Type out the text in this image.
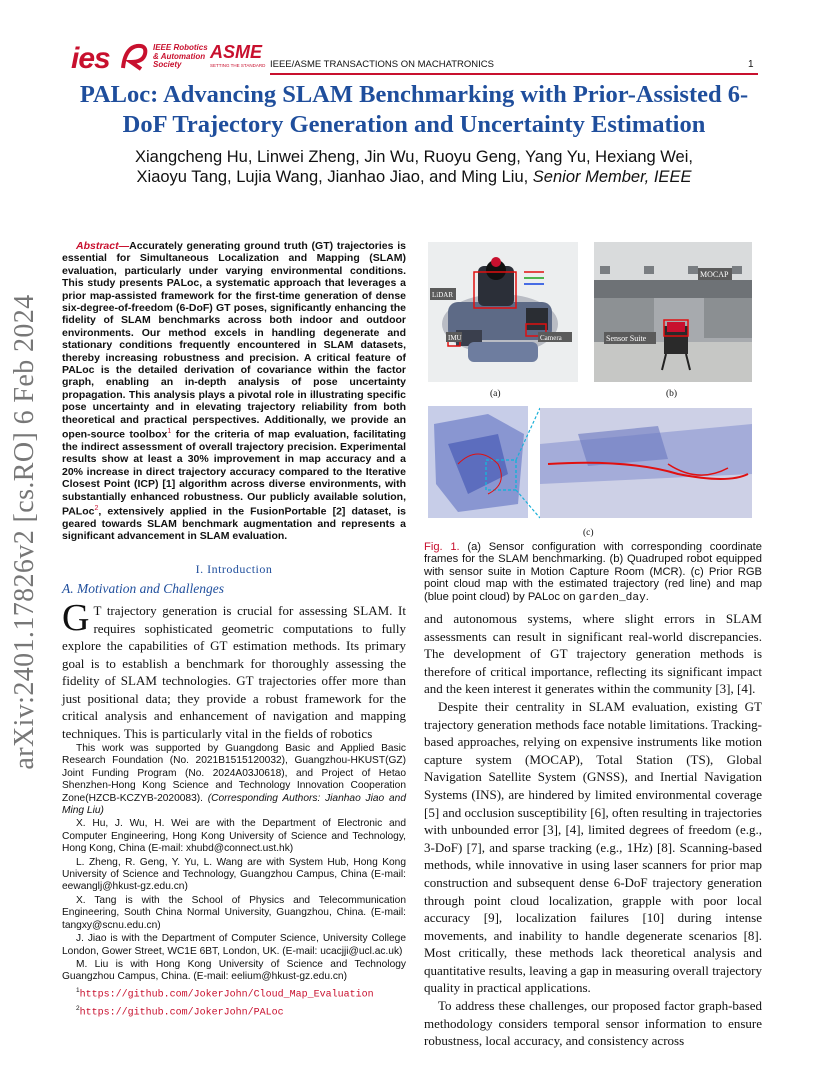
ies	IEEE Robotics & Automation Society
ASME
SETTING THE STANDARD IEEE/ASME TRANSACTIONS ON MACHATRONICS	1
PALoc: Advancing SLAM Benchmarking with Prior-Assisted 6-DoF Trajectory Generation and Uncertainty Estimation
Xiangcheng Hu, Linwei Zheng, Jin Wu, Ruoyu Geng, Yang Yu, Hexiang Wei,
Xiaoyu Tang, Lujia Wang, Jianhao Jiao, and Ming Liu, Senior Member, IEEE
arXiv:2401.17826v2 [cs.RO] 6 Feb 2024
Abstract—Accurately generating ground truth (GT) trajectories is essential for Simultaneous Localization and Mapping (SLAM) evaluation, particularly under varying environmental conditions. This study presents PALoc, a systematic approach that leverages a prior map-assisted framework for the first-time generation of dense six-degree-of-freedom (6-DoF) GT poses, significantly enhancing the fidelity of SLAM benchmarks across both indoor and outdoor environments. Our method excels in handling degenerate and stationary conditions frequently encountered in SLAM datasets, thereby increasing robustness and precision. A critical feature of PALoc is the detailed derivation of covariance within the factor graph, enabling an in-depth analysis of pose uncertainty propagation. This analysis plays a pivotal role in illustrating specific pose uncertainty and in elevating trajectory reliability from both theoretical and practical perspectives. Additionally, we provide an open-source toolbox$^1$ for the criteria of map evaluation, facilitating the indirect assessment of overall trajectory precision. Experimental results show at least a 30% improvement in map accuracy and a 20% increase in direct trajectory accuracy compared to the Iterative Closest Point (ICP) [1] algorithm across diverse environments, with substantially enhanced robustness. Our publicly available solution, PALoc$^2$, extensively applied in the FusionPortable [2] dataset, is geared towards SLAM benchmark augmentation and represents a significant advancement in SLAM evaluation.
I. Introduction
A. Motivation and Challenges
G T trajectory generation is crucial for assessing SLAM. It requires sophisticated geometric computations to fully explore the capabilities of GT estimation methods. Its primary goal is to establish a benchmark for thoroughly assessing the fidelity of SLAM technologies. GT trajectories offer more than just positional data; they provide a robust framework for the critical analysis and enhancement of navigation and mapping techniques. This is particularly vital in the fields of robotics

This work was supported by Guangdong Basic and Applied Basic Research Foundation (No. 2021B1515120032), Guangzhou-HKUST(GZ) Joint Funding Program (No. 2024A03J0618), and Project of Hetao Shenzhen-Hong Kong Science and Technology Innovation Cooperation Zone(HZCB-KCZYB-2020083). (Corresponding Authors: Jianhao Jiao and Ming Liu)

X. Hu, J. Wu, H. Wei are with the Department of Electronic and Computer Engineering, Hong Kong University of Science and Technology, Hong Kong, China (E-mail: xhubd@connect.ust.hk)

L. Zheng, R. Geng, Y. Yu, L. Wang are with System Hub, Hong Kong University of Science and Technology, Guangzhou Campus, China (E-mail: eewanglj@hkust-gz.edu.cn)

X. Tang is with the School of Physics and Telecommunication Engineering, South China Normal University, Guangzhou, China. (E-mail: tangxy@scnu.edu.cn)

J. Jiao is with the Department of Computer Science, University College London, Gower Street, WC1E 6BT, London, UK. (E-mail: ucacjji@ucl.ac.uk)

M. Liu is with Hong Kong University of Science and Technology Guangzhou Campus, China. (E-mail: eelium@hkust-gz.edu.cn)

$^1$https://github.com/JokerJohn/Cloud_Map_Evaluation

$^2$https://github.com/JokerJohn/PALoc

LiDAR
IMU	Camera
MOCAP
Sensor Suite
(a)	(b)
(c)
Fig. 1. (a) Sensor configuration with corresponding coordinate frames for the SLAM benchmarking. (b) Quadruped robot equipped with sensor suite in Motion Capture Room (MCR). (c) Prior RGB point cloud map with the estimated trajectory (red line) and map (blue point cloud) by PALoc on garden_day.

and autonomous systems, where slight errors in SLAM assessments can result in significant real-world discrepancies. The development of GT trajectory generation methods is therefore of critical importance, reflecting its significant impact and the keen interest it generates within the community [3], [4].

Despite their centrality in SLAM evaluation, existing GT trajectory generation methods face notable limitations. Tracking-based approaches, relying on expensive instruments like motion capture system (MOCAP), Total Station (TS), Global Navigation Satellite System (GNSS), and Inertial Navigation Systems (INS), are hindered by limited environmental coverage [5] and occlusion susceptibility [6], often resulting in trajectories with unbounded error [3], [4], limited degrees of freedom (e.g., 3-DoF) [7], and sparse tracking (e.g., 1Hz) [8]. Scanning-based methods, while innovative in using laser scanners for prior map construction and subsequent dense 6-DoF trajectory generation through point cloud localization, grapple with poor local accuracy [9], localization failures [10] during intense movements, and inability to handle degenerate scenarios [8]. Most critically, these methods lack theoretical analysis and quantitative results, leaving a gap in measuring overall trajectory quality in practical applications.

To address these challenges, our proposed factor graph-based methodology considers temporal sensor information to ensure robustness, local accuracy, and consistency across
